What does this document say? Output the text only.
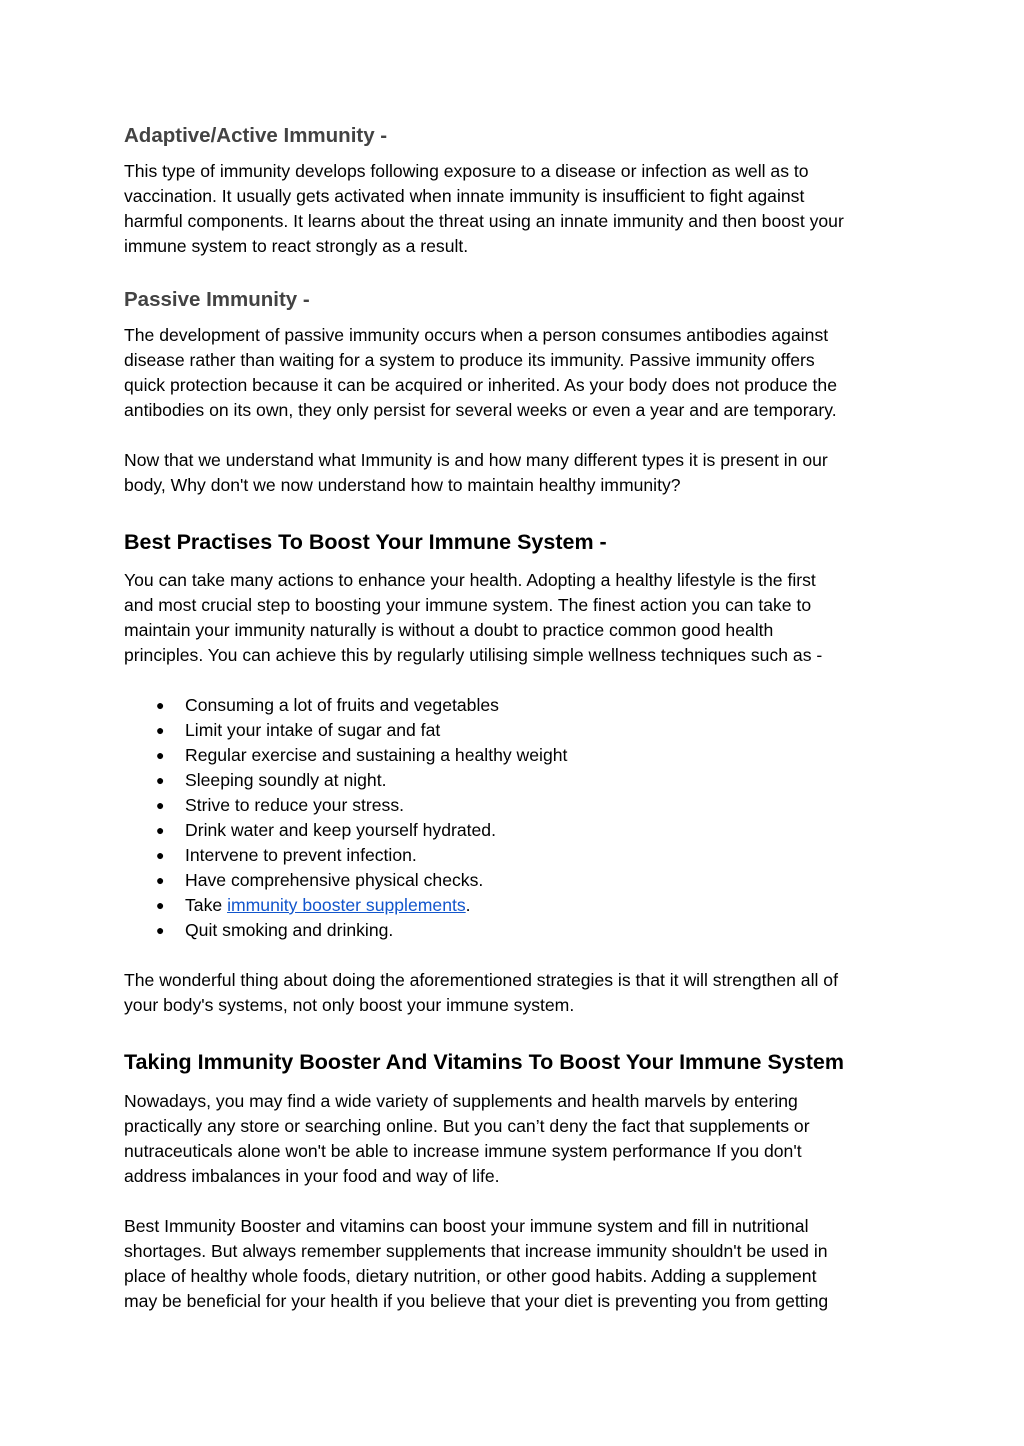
Adaptive/Active Immunity -

This type of immunity develops following exposure to a disease or infection as well as to
vaccination. It usually gets activated when innate immunity is insufficient to fight against
harmful components. It learns about the threat using an innate immunity and then boost your
immune system to react strongly as a result.

Passive Immunity -

The development of passive immunity occurs when a person consumes antibodies against
disease rather than waiting for a system to produce its immunity. Passive immunity offers
quick protection because it can be acquired or inherited. As your body does not produce the
antibodies on its own, they only persist for several weeks or even a year and are temporary.

Now that we understand what Immunity is and how many different types it is present in our
body, Why don't we now understand how to maintain healthy immunity?

Best Practises To Boost Your Immune System -

You can take many actions to enhance your health. Adopting a healthy lifestyle is the first
and most crucial step to boosting your immune system. The finest action you can take to
maintain your immunity naturally is without a doubt to practice common good health
principles. You can achieve this by regularly utilising simple wellness techniques such as -

● Consuming a lot of fruits and vegetables
● Limit your intake of sugar and fat
● Regular exercise and sustaining a healthy weight
● Sleeping soundly at night.
● Strive to reduce your stress.
● Drink water and keep yourself hydrated.
● Intervene to prevent infection.
● Have comprehensive physical checks.
● Take immunity booster supplements.
● Quit smoking and drinking.

The wonderful thing about doing the aforementioned strategies is that it will strengthen all of
your body's systems, not only boost your immune system.

Taking Immunity Booster And Vitamins To Boost Your Immune System

Nowadays, you may find a wide variety of supplements and health marvels by entering
practically any store or searching online. But you can’t deny the fact that supplements or
nutraceuticals alone won't be able to increase immune system performance If you don't
address imbalances in your food and way of life.

Best Immunity Booster and vitamins can boost your immune system and fill in nutritional
shortages. But always remember supplements that increase immunity shouldn't be used in
place of healthy whole foods, dietary nutrition, or other good habits. Adding a supplement
may be beneficial for your health if you believe that your diet is preventing you from getting
